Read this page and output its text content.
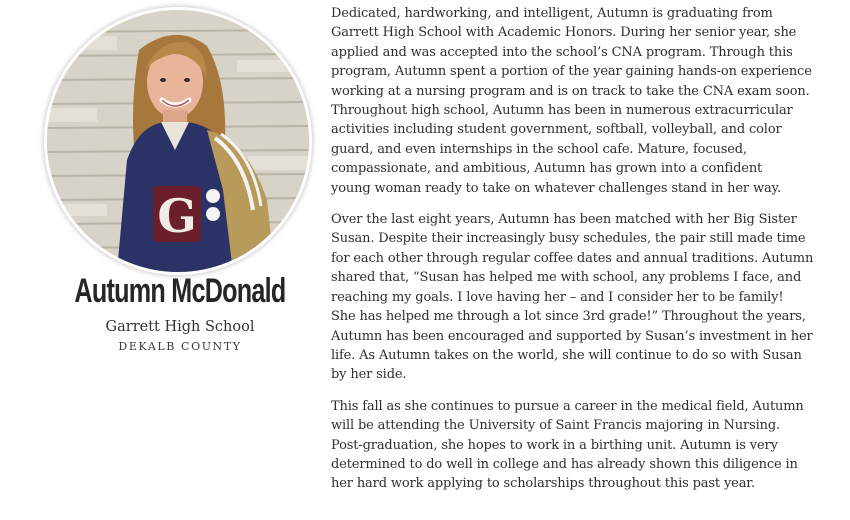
G
Autumn McDonald
Garrett High School
DEKALB COUNTY

Dedicated, hardworking, and intelligent, Autumn is graduating from
Garrett High School with Academic Honors. During her senior year, she
applied and was accepted into the school’s CNA program. Through this
program, Autumn spent a portion of the year gaining hands-on experience
working at a nursing program and is on track to take the CNA exam soon.
Throughout high school, Autumn has been in numerous extracurricular
activities including student government, softball, volleyball, and color
guard, and even internships in the school cafe. Mature, focused,
compassionate, and ambitious, Autumn has grown into a confident
young woman ready to take on whatever challenges stand in her way.

Over the last eight years, Autumn has been matched with her Big Sister
Susan. Despite their increasingly busy schedules, the pair still made time
for each other through regular coffee dates and annual traditions. Autumn
shared that, “Susan has helped me with school, any problems I face, and
reaching my goals. I love having her – and I consider her to be family!
She has helped me through a lot since 3rd grade!” Throughout the years,
Autumn has been encouraged and supported by Susan’s investment in her
life. As Autumn takes on the world, she will continue to do so with Susan
by her side.

This fall as she continues to pursue a career in the medical field, Autumn
will be attending the University of Saint Francis majoring in Nursing.
Post-graduation, she hopes to work in a birthing unit. Autumn is very
determined to do well in college and has already shown this diligence in
her hard work applying to scholarships throughout this past year.
